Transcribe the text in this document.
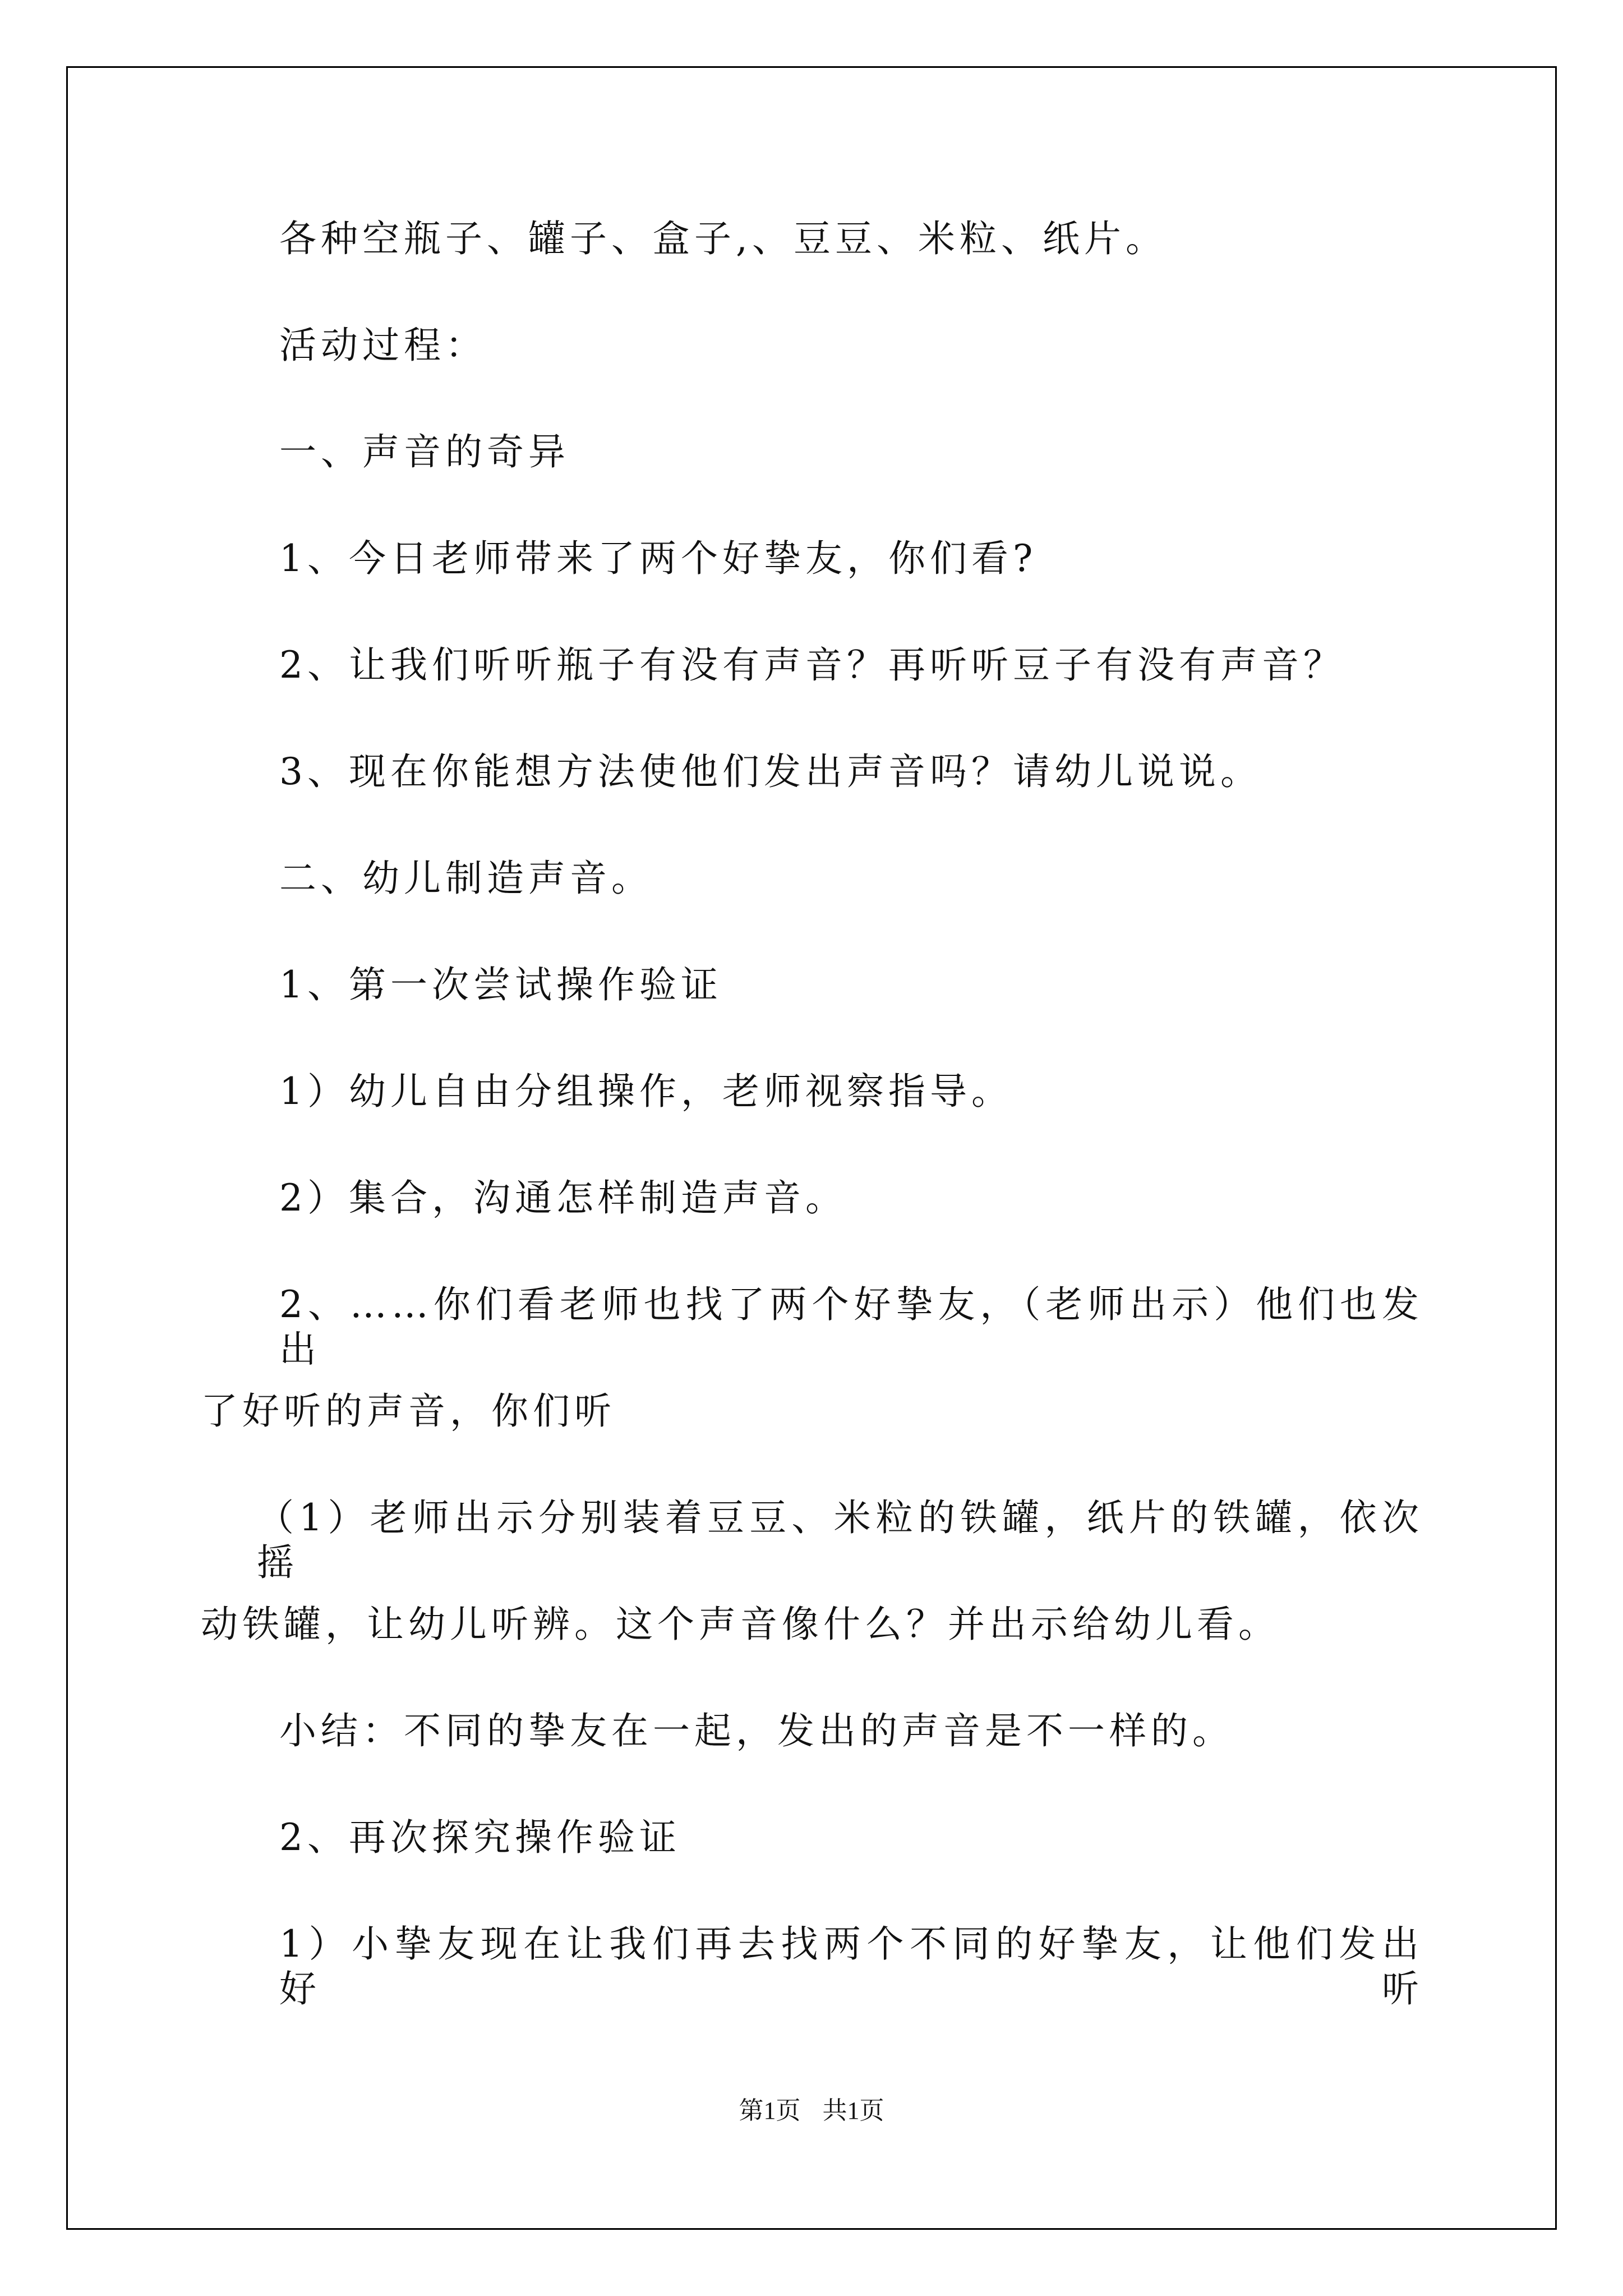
各种空瓶子、罐子、盒子,、豆豆、米粒、纸片。
活动过程：
一、声音的奇异
1、今日老师带来了两个好挚友，你们看?
2、让我们听听瓶子有没有声音？再听听豆子有没有声音？
3、现在你能想方法使他们发出声音吗？请幼儿说说。
二、幼儿制造声音。
1、第一次尝试操作验证
1）幼儿自由分组操作，老师视察指导。
2）集合，沟通怎样制造声音。
2、……你们看老师也找了两个好挚友，（老师出示）他们也发出
了好听的声音，你们听
（1）老师出示分别装着豆豆、米粒的铁罐，纸片的铁罐，依次摇
动铁罐，让幼儿听辨。这个声音像什么？并出示给幼儿看。
小结：不同的挚友在一起，发出的声音是不一样的。
2、再次探究操作验证
1）小挚友现在让我们再去找两个不同的好挚友，让他们发出好听
第1页 共1页
